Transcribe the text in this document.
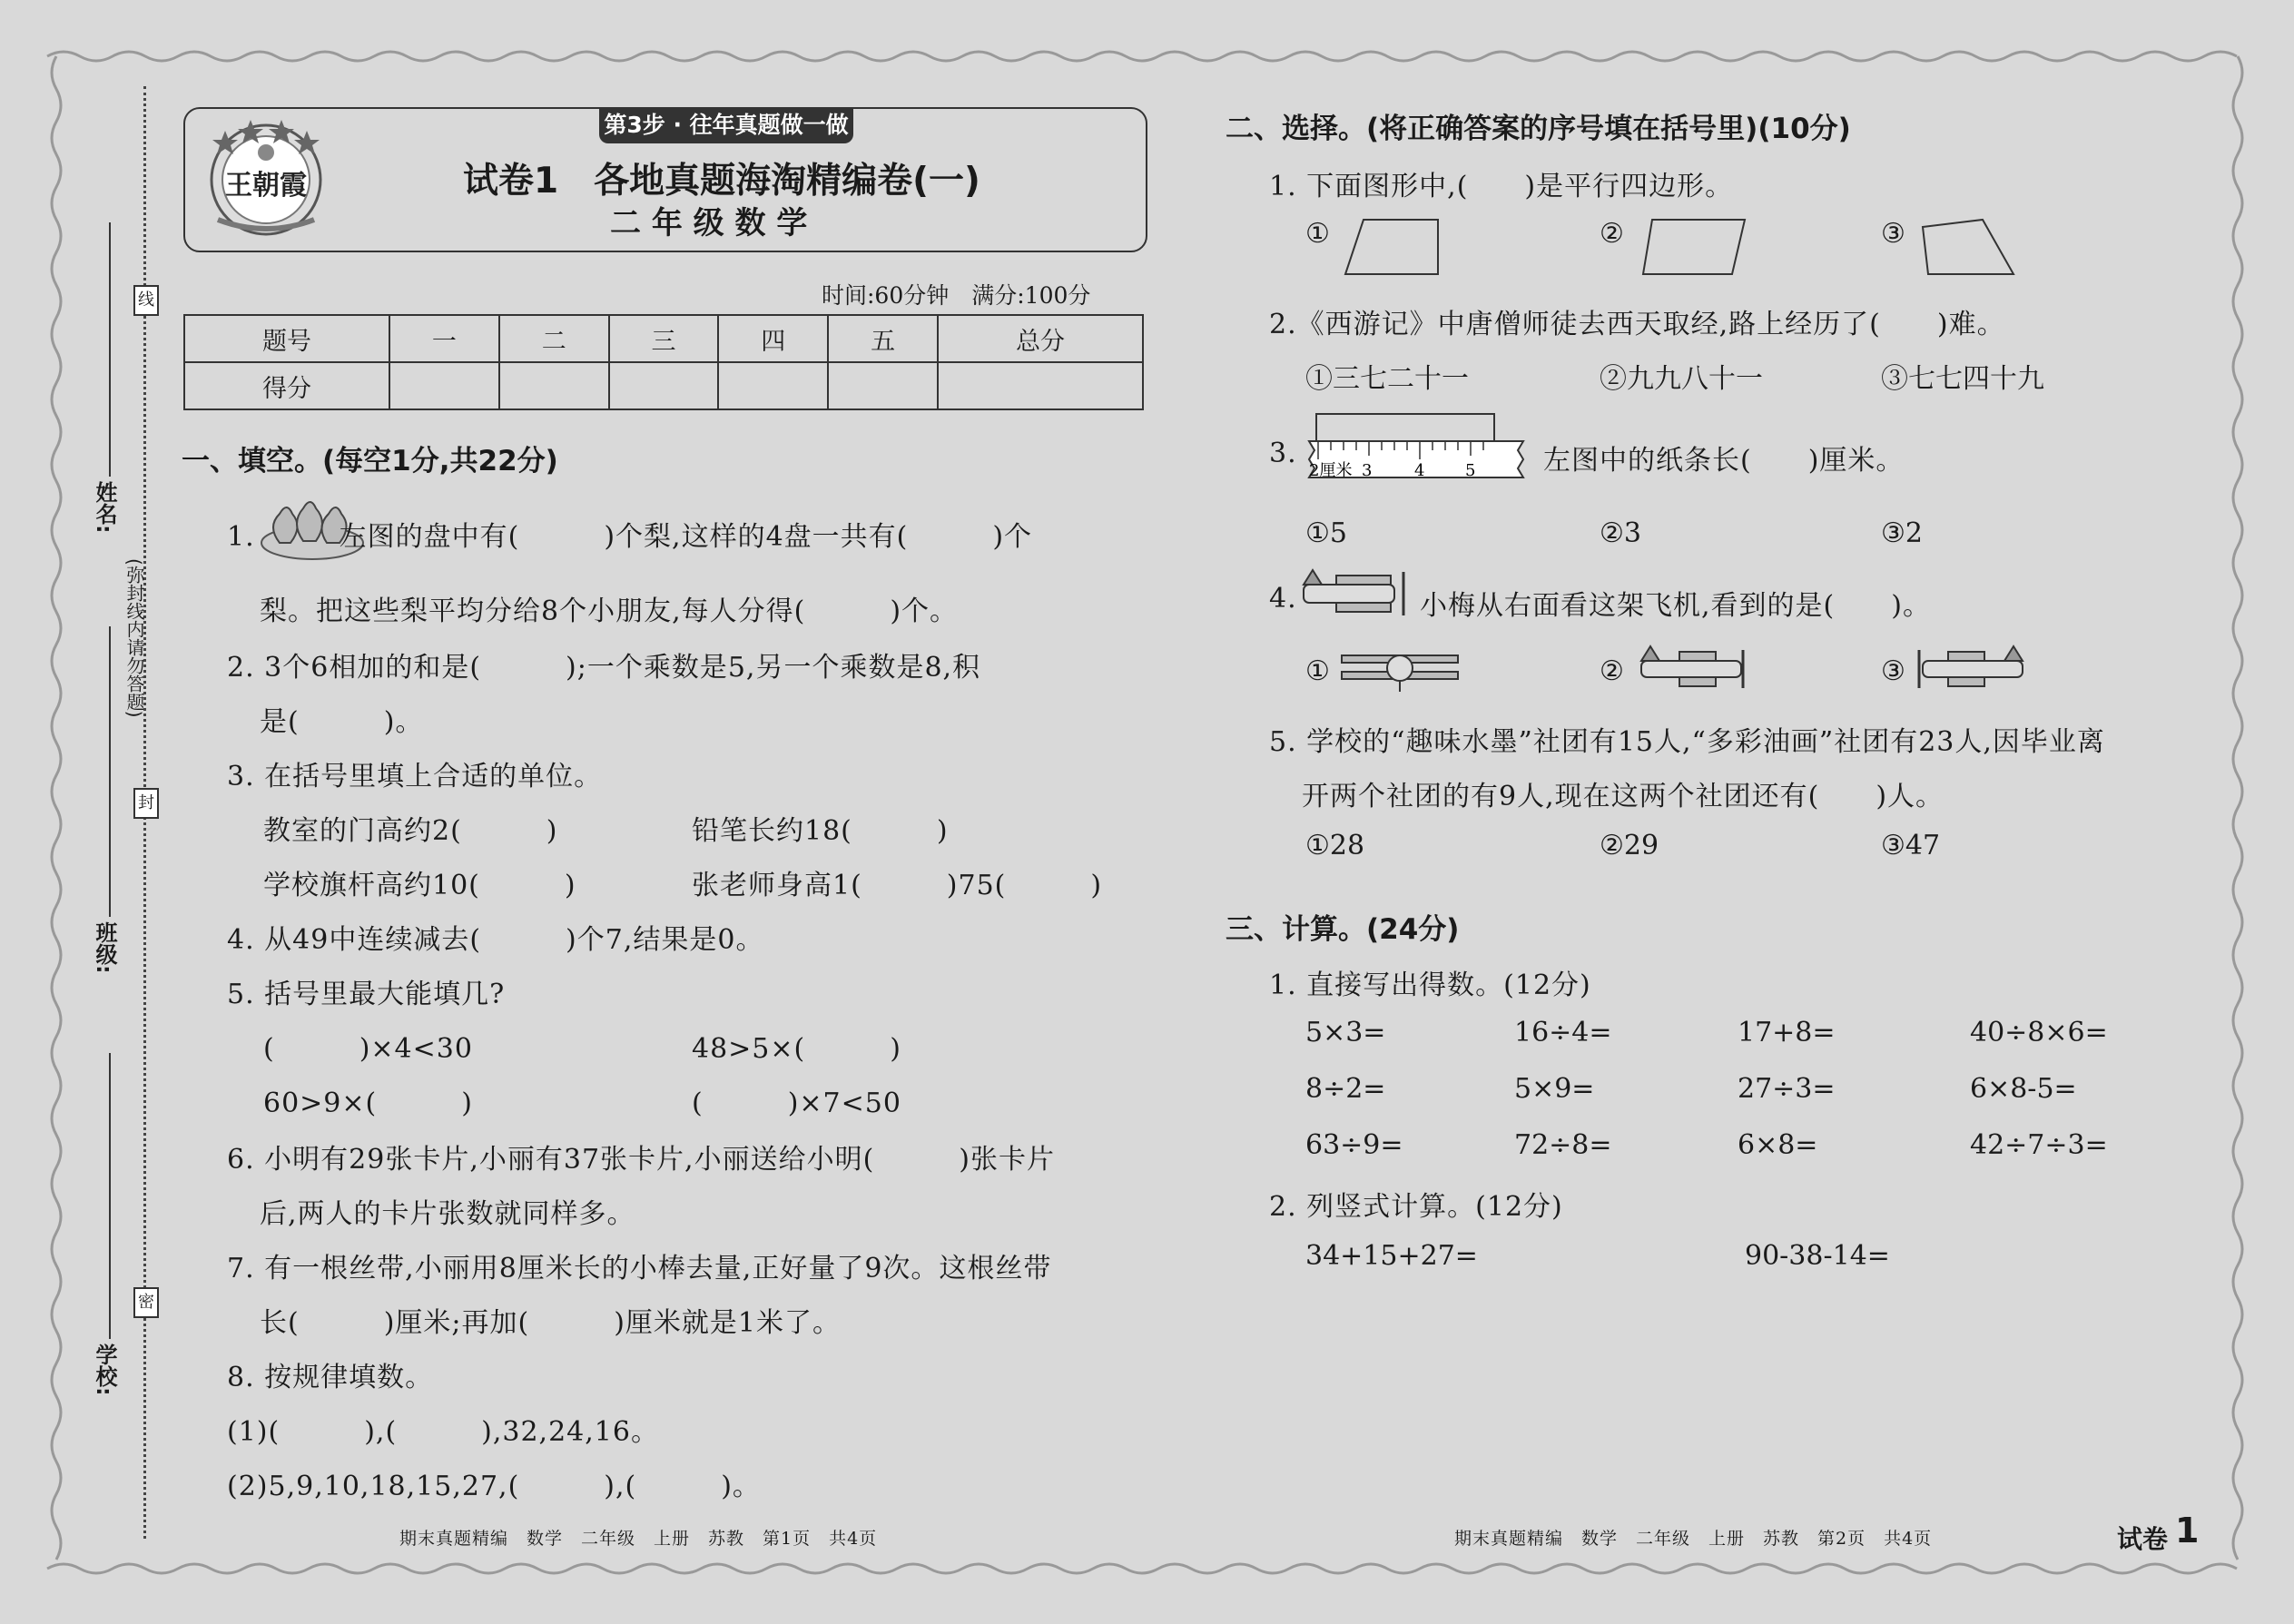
线
封
密
姓名:
班级:
学校:
(弥封线内请勿答题)
第3步 · 往年真题做一做
王朝霞	试卷1　各地真题海淘精编卷(一)
二 年 级 数 学
时间:60分钟　满分:100分
题号	一	二	三	四	五	总分
得分						
一、填空。(每空1分,共22分)
1.　　　左图的盘中有(　　　)个梨,这样的4盘一共有(　　　)个
梨。把这些梨平均分给8个小朋友,每人分得(　　　)个。
2. 3个6相加的和是(　　　);一个乘数是5,另一个乘数是8,积
是(　　　)。
3. 在括号里填上合适的单位。
教室的门高约2(　　　)	铅笔长约18(　　　)
学校旗杆高约10(　　　)	张老师身高1(　　　)75(　　　)
4. 从49中连续减去(　　　)个7,结果是0。
5. 括号里最大能填几?
(　　　)×4<30	48>5×(　　　)
60>9×(　　　)	(　　　)×7<50
6. 小明有29张卡片,小丽有37张卡片,小丽送给小明(　　　)张卡片
后,两人的卡片张数就同样多。
7. 有一根丝带,小丽用8厘米长的小棒去量,正好量了9次。这根丝带
长(　　　)厘米;再加(　　　)厘米就是1米了。
8. 按规律填数。
(1)(　　　),(　　　),32,24,16。
(2)5,9,10,18,15,27,(　　　),(　　　)。
期末真题精编　数学　二年级　上册　苏教　第1页　共4页
二、选择。(将正确答案的序号填在括号里)(10分)
1. 下面图形中,(　　)是平行四边形。
①	②	③
2.《西游记》中唐僧师徒去西天取经,路上经历了(　　)难。
①三七二十一	②九九八十一	③七七四十九
3.
2厘米 3	4 5 左图中的纸条长(　　)厘米。
①5	②3	③2
4.	小梅从右面看这架飞机,看到的是(　　)。
①	②	③
5. 学校的“趣味水墨”社团有15人,“多彩油画”社团有23人,因毕业离
开两个社团的有9人,现在这两个社团还有(　　)人。
①28	②29	③47
三、计算。(24分)
1. 直接写出得数。(12分)
5×3=	16÷4=	17+8=	40÷8×6=
8÷2=	5×9=	27÷3=	6×8-5=
63÷9=	72÷8=	6×8=	42÷7÷3=
2. 列竖式计算。(12分)
34+15+27=	90-38-14=
期末真题精编　数学　二年级　上册　苏教　第2页　共4页	试卷 1
